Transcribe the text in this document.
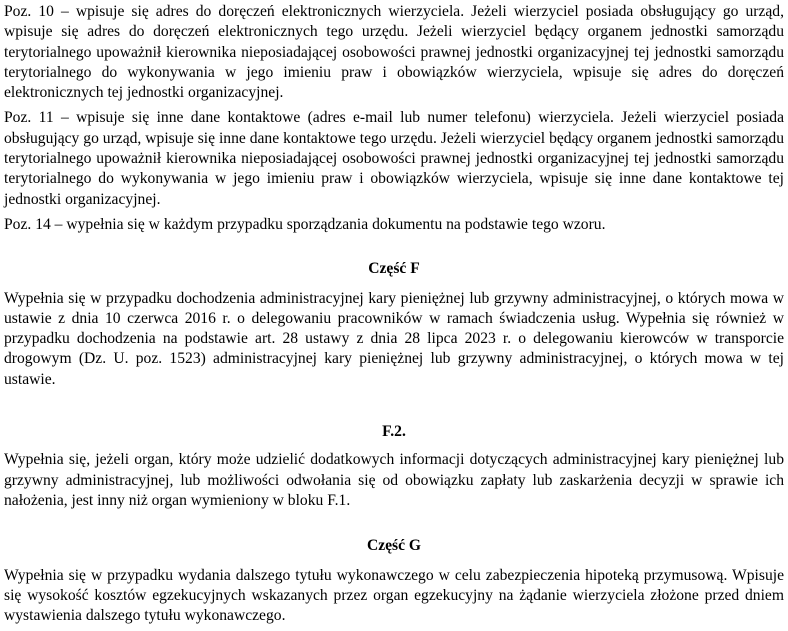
Poz. 10 – wpisuje się adres do doręczeń elektronicznych wierzyciela. Jeżeli wierzyciel posiada obsługujący go urząd, wpisuje się adres do doręczeń elektronicznych tego urzędu. Jeżeli wierzyciel będący organem jednostki samorządu terytorialnego upoważnił kierownika nieposiadającej osobowości prawnej jednostki organizacyjnej tej jednostki samorządu terytorialnego do wykonywania w jego imieniu praw i obowiązków wierzyciela, wpisuje się adres do doręczeń elektronicznych tej jednostki organizacyjnej.

Poz. 11 – wpisuje się inne dane kontaktowe (adres e-mail lub numer telefonu) wierzyciela. Jeżeli wierzyciel posiada obsługujący go urząd, wpisuje się inne dane kontaktowe tego urzędu. Jeżeli wierzyciel będący organem jednostki samorządu terytorialnego upoważnił kierownika nieposiadającej osobowości prawnej jednostki organizacyjnej tej jednostki samorządu terytorialnego do wykonywania w jego imieniu praw i obowiązków wierzyciela, wpisuje się inne dane kontaktowe tej jednostki organizacyjnej.

Poz. 14 – wypełnia się w każdym przypadku sporządzania dokumentu na podstawie tego wzoru.

Część F

Wypełnia się w przypadku dochodzenia administracyjnej kary pieniężnej lub grzywny administracyjnej, o których mowa w ustawie z dnia 10 czerwca 2016 r. o delegowaniu pracowników w ramach świadczenia usług. Wypełnia się również w przypadku dochodzenia na podstawie art. 28 ustawy z dnia 28 lipca 2023 r. o delegowaniu kierowców w transporcie drogowym (Dz. U. poz. 1523) administracyjnej kary pieniężnej lub grzywny administracyjnej, o których mowa w tej ustawie.

F.2.

Wypełnia się, jeżeli organ, który może udzielić dodatkowych informacji dotyczących administracyjnej kary pieniężnej lub grzywny administracyjnej, lub możliwości odwołania się od obowiązku zapłaty lub zaskarżenia decyzji w sprawie ich nałożenia, jest inny niż organ wymieniony w bloku F.1.

Część G

Wypełnia się w przypadku wydania dalszego tytułu wykonawczego w celu zabezpieczenia hipoteką przymusową. Wpisuje się wysokość kosztów egzekucyjnych wskazanych przez organ egzekucyjny na żądanie wierzyciela złożone przed dniem wystawienia dalszego tytułu wykonawczego.
